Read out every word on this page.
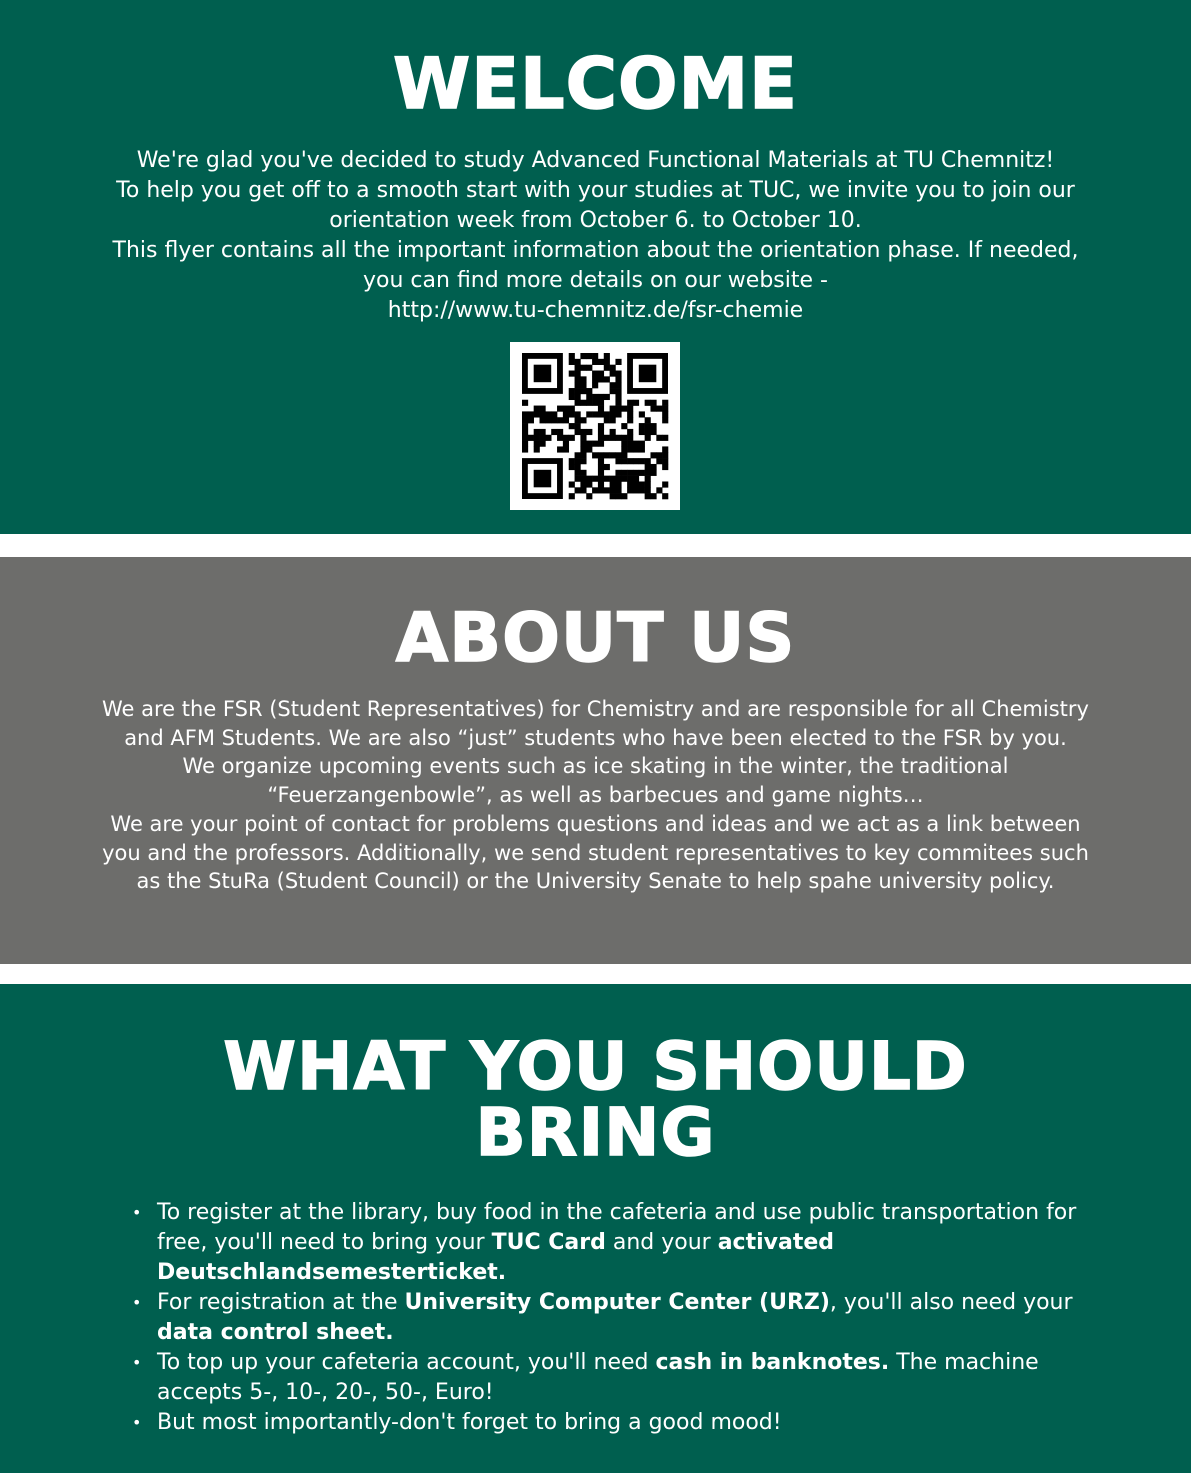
WELCOME

We're glad you've decided to study Advanced Functional Materials at TU Chemnitz!

To help you get off to a smooth start with your studies at TUC, we invite you to join our

orientation week from October 6. to October 10.

This flyer contains all the important information about the orientation phase. If needed,

you can find more details on our website -

http://www.tu-chemnitz.de/fsr-chemie

ABOUT US

We are the FSR (Student Representatives) for Chemistry and are responsible for all Chemistry

and AFM Students. We are also “just” students who have been elected to the FSR by you.

We organize upcoming events such as ice skating in the winter, the traditional

“Feuerzangenbowle”, as well as barbecues and game nights…

We are your point of contact for problems questions and ideas and we act as a link between

you and the professors. Additionally, we send student representatives to key commitees such

as the StuRa (Student Council) or the University Senate to help spahe university policy.

WHAT YOU SHOULD
BRING
• To register at the library, buy food in the cafeteria and use public transportation for free, you'll need to bring your TUC Card and your activated Deutschlandsemesterticket.
• For registration at the University Computer Center (URZ), you'll also need your data control sheet.
• To top up your cafeteria account, you'll need cash in banknotes. The machine accepts 5-, 10-, 20-, 50-, Euro!
• But most importantly-don't forget to bring a good mood!
